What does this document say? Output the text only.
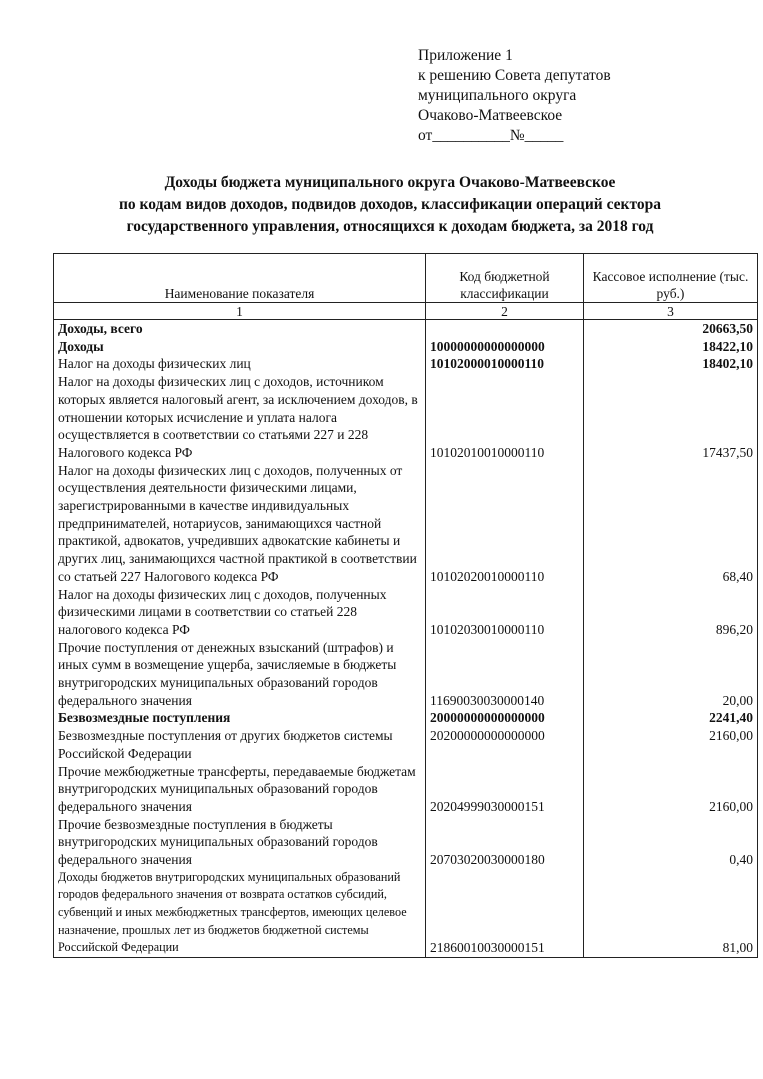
Приложение 1
к решению Совета депутатов
муниципального округа
Очаково-Матвеевское
от__________№_____
Доходы бюджета муниципального округа Очаково-Матвеевское
по кодам видов доходов, подвидов доходов, классификации операций сектора
государственного управления, относящихся к доходам бюджета, за 2018 год
Наименование показателя	Код бюджетной классификации	Кассовое исполнение (тыс. руб.)
1	2	3
Доходы, всего		20663,50
Доходы	10000000000000000	18422,10
Налог на доходы физических лиц	10102000010000110	18402,10
Налог на доходы физических лиц с доходов, источником которых является налоговый агент, за исключением доходов, в отношении которых исчисление и уплата налога осуществляется в соответствии со статьями 227 и 228 Налогового кодекса РФ	10102010010000110	17437,50
Налог на доходы физических лиц с доходов, полученных от осуществления деятельности физическими лицами, зарегистрированными в качестве индивидуальных предпринимателей, нотариусов, занимающихся частной практикой, адвокатов, учредивших адвокатские кабинеты и других лиц, занимающихся частной практикой в соответствии со статьей 227 Налогового кодекса РФ	10102020010000110	68,40
Налог на доходы физических лиц с доходов, полученных физическими лицами в соответствии со статьей 228 налогового кодекса РФ	10102030010000110	896,20
Прочие поступления от денежных взысканий (штрафов) и иных сумм в возмещение ущерба, зачисляемые в бюджеты внутригородских муниципальных образований городов федерального значения	11690030030000140	20,00
Безвозмездные поступления	20000000000000000	2241,40
Безвозмездные поступления от других бюджетов системы Российской Федерации	20200000000000000	2160,00
Прочие межбюджетные трансферты, передаваемые бюджетам внутригородских муниципальных образований городов федерального значения	20204999030000151	2160,00
Прочие безвозмездные поступления в бюджеты внутригородских муниципальных образований городов федерального значения	20703020030000180	0,40
Доходы бюджетов внутригородских муниципальных образований городов федерального значения от возврата остатков субсидий, субвенций и иных межбюджетных трансфертов, имеющих целевое назначение, прошлых лет из бюджетов бюджетной системы Российской Федерации	21860010030000151	81,00
